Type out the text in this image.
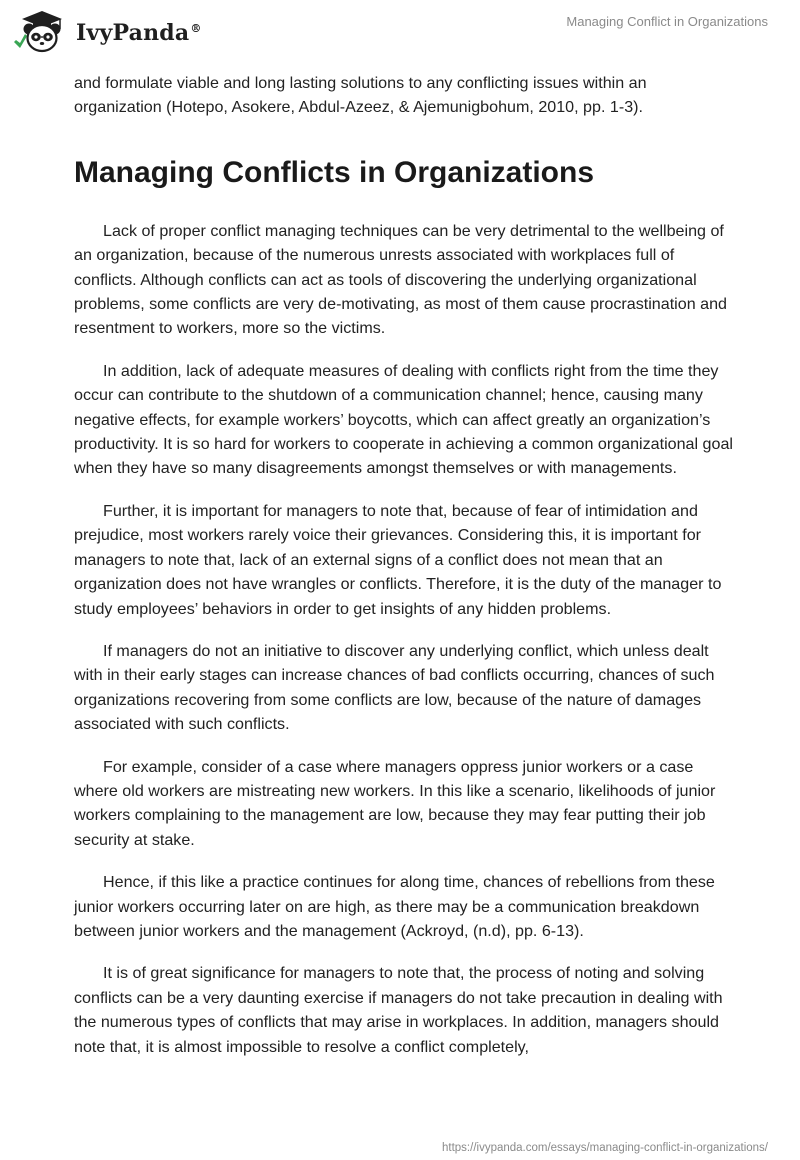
IvyPanda®	Managing Conflict in Organizations

and formulate viable and long lasting solutions to any conflicting issues within an organization (Hotepo, Asokere, Abdul-Azeez, & Ajemunigbohum, 2010, pp. 1-3).

Managing Conflicts in Organizations

Lack of proper conflict managing techniques can be very detrimental to the wellbeing of an organization, because of the numerous unrests associated with workplaces full of conflicts. Although conflicts can act as tools of discovering the underlying organizational problems, some conflicts are very de-motivating, as most of them cause procrastination and resentment to workers, more so the victims.

In addition, lack of adequate measures of dealing with conflicts right from the time they occur can contribute to the shutdown of a communication channel; hence, causing many negative effects, for example workers’ boycotts, which can affect greatly an organization’s productivity. It is so hard for workers to cooperate in achieving a common organizational goal when they have so many disagreements amongst themselves or with managements.

Further, it is important for managers to note that, because of fear of intimidation and prejudice, most workers rarely voice their grievances. Considering this, it is important for managers to note that, lack of an external signs of a conflict does not mean that an organization does not have wrangles or conflicts. Therefore, it is the duty of the manager to study employees’ behaviors in order to get insights of any hidden problems.

If managers do not an initiative to discover any underlying conflict, which unless dealt with in their early stages can increase chances of bad conflicts occurring, chances of such organizations recovering from some conflicts are low, because of the nature of damages associated with such conflicts.

For example, consider of a case where managers oppress junior workers or a case where old workers are mistreating new workers. In this like a scenario, likelihoods of junior workers complaining to the management are low, because they may fear putting their job security at stake.

Hence, if this like a practice continues for along time, chances of rebellions from these junior workers occurring later on are high, as there may be a communication breakdown between junior workers and the management (Ackroyd, (n.d), pp. 6-13).

It is of great significance for managers to note that, the process of noting and solving conflicts can be a very daunting exercise if managers do not take precaution in dealing with the numerous types of conflicts that may arise in workplaces. In addition, managers should note that, it is almost impossible to resolve a conflict completely,

https://ivypanda.com/essays/managing-conflict-in-organizations/
